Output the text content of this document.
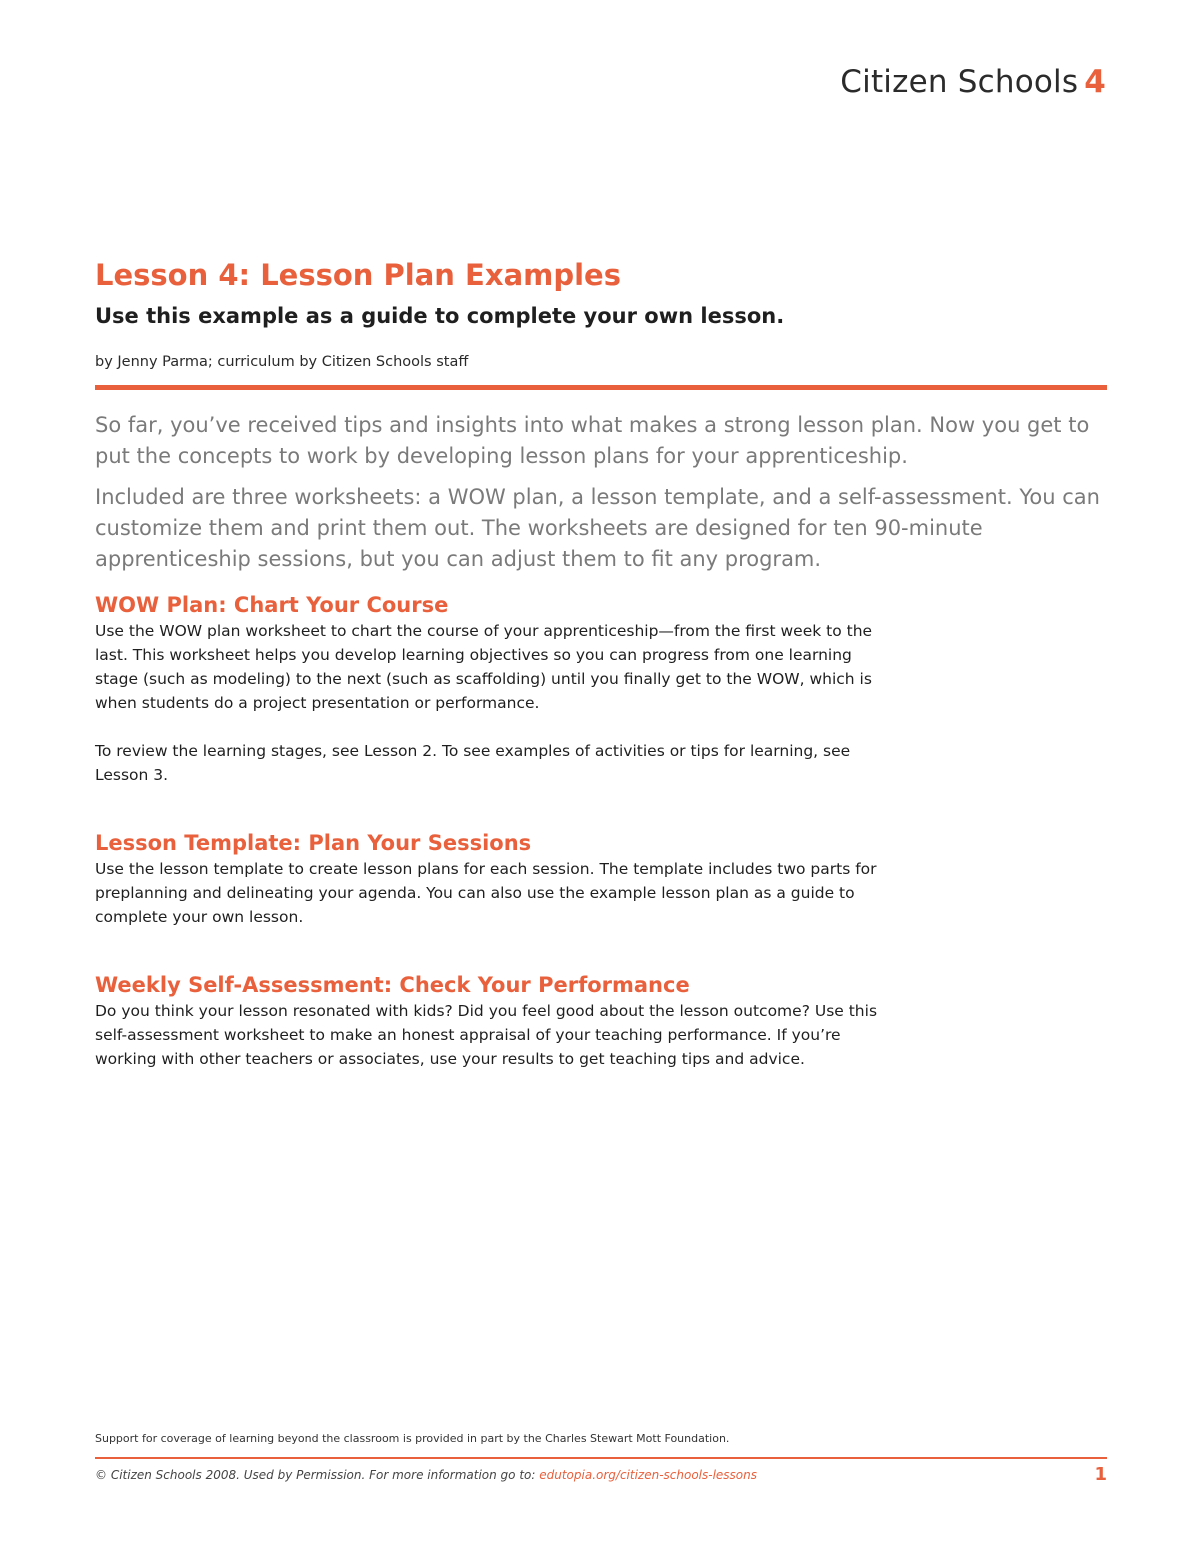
Citizen Schools 4
Lesson 4: Lesson Plan Examples
Use this example as a guide to complete your own lesson.
by Jenny Parma; curriculum by Citizen Schools staff

So far, you’ve received tips and insights into what makes a strong lesson plan. Now you get to put the concepts to work by developing lesson plans for your apprenticeship.

Included are three worksheets: a WOW plan, a lesson template, and a self-assessment. You can customize them and print them out. The worksheets are designed for ten 90-minute apprenticeship sessions, but you can adjust them to fit any program.

WOW Plan: Chart Your Course

Use the WOW plan worksheet to chart the course of your apprenticeship—from the first week to the last. This worksheet helps you develop learning objectives so you can progress from one learning stage (such as modeling) to the next (such as scaffolding) until you finally get to the WOW, which is when students do a project presentation or performance.

To review the learning stages, see Lesson 2. To see examples of activities or tips for learning, see Lesson 3.

Lesson Template: Plan Your Sessions

Use the lesson template to create lesson plans for each session. The template includes two parts for preplanning and delineating your agenda. You can also use the example lesson plan as a guide to complete your own lesson.

Weekly Self-Assessment: Check Your Performance

Do you think your lesson resonated with kids? Did you feel good about the lesson outcome? Use this self-assessment worksheet to make an honest appraisal of your teaching performance. If you’re working with other teachers or associates, use your results to get teaching tips and advice.

Support for coverage of learning beyond the classroom is provided in part by the Charles Stewart Mott Foundation.
© Citizen Schools 2008. Used by Permission. For more information go to: edutopia.org/citizen-schools-lessons	1
